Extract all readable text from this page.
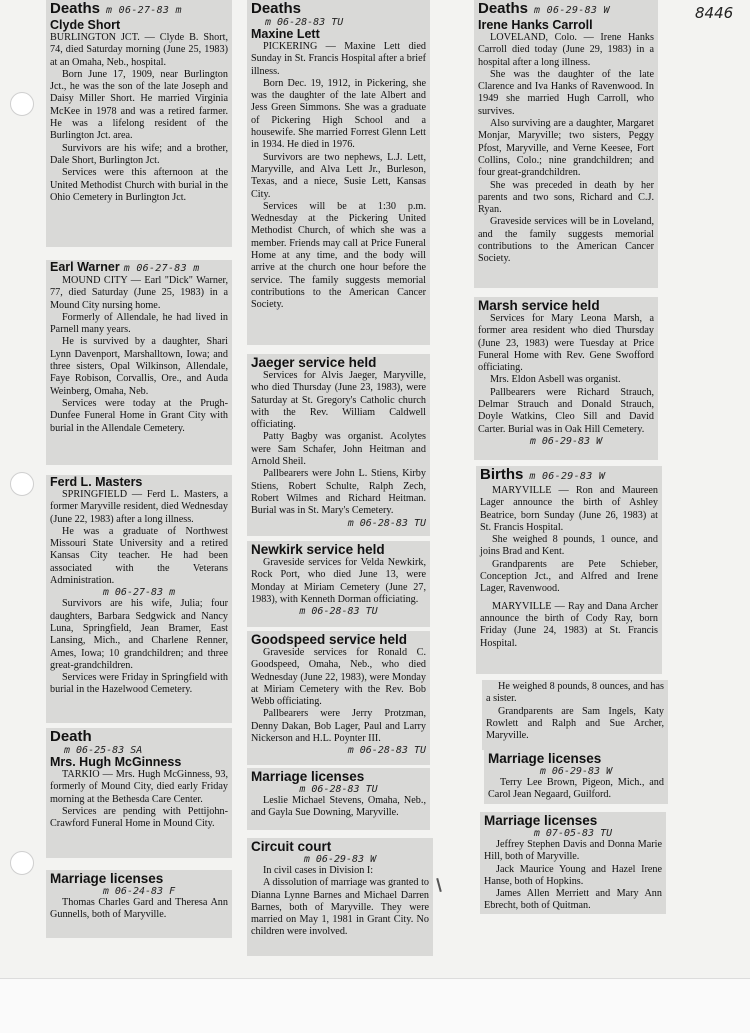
8446
Deaths m 06-27-83 m
Clyde Short

BURLINGTON JCT. — Clyde B. Short, 74, died Saturday morning (June 25, 1983) at an Omaha, Neb., hospital.

Born June 17, 1909, near Burlington Jct., he was the son of the late Joseph and Daisy Miller Short. He married Virginia McKee in 1978 and was a retired farmer. He was a lifelong resident of the Burlington Jct. area.

Survivors are his wife; and a brother, Dale Short, Burlington Jct.

Services were this afternoon at the United Methodist Church with burial in the Ohio Cemetery in Burlington Jct.

Earl Warner m 06-27-83 m

MOUND CITY — Earl "Dick" Warner, 77, died Saturday (June 25, 1983) in a Mound City nursing home.

Formerly of Allendale, he had lived in Parnell many years.

He is survived by a daughter, Shari Lynn Davenport, Marshalltown, Iowa; and three sisters, Opal Wilkinson, Allendale, Faye Robison, Corvallis, Ore., and Auda Weinberg, Omaha, Neb.

Services were today at the Prugh-Dunfee Funeral Home in Grant City with burial in the Allendale Cemetery.

Ferd L. Masters

SPRINGFIELD — Ferd L. Masters, a former Maryville resident, died Wednesday (June 22, 1983) after a long illness.

He was a graduate of Northwest Missouri State University and a retired Kansas City teacher. He had been associated with the Veterans Administration.

m 06-27-83 m

Survivors are his wife, Julia; four daughters, Barbara Sedgwick and Nancy Luna, Springfield, Jean Bramer, East Lansing, Mich., and Charlene Renner, Ames, Iowa; 10 grandchildren; and three great-grandchildren.

Services were Friday in Springfield with burial in the Hazelwood Cemetery.

Death
m 06-25-83 SA
Mrs. Hugh McGinness

TARKIO — Mrs. Hugh McGinness, 93, formerly of Mound City, died early Friday morning at the Bethesda Care Center.

Services are pending with Pettijohn-Crawford Funeral Home in Mound City.

Marriage licenses
m 06-24-83 F

Thomas Charles Gard and Theresa Ann Gunnells, both of Maryville.

Deaths
m 06-28-83 TU
Maxine Lett

PICKERING — Maxine Lett died Sunday in St. Francis Hospital after a brief illness.

Born Dec. 19, 1912, in Pickering, she was the daughter of the late Albert and Jess Green Simmons. She was a graduate of Pickering High School and a housewife. She married Forrest Glenn Lett in 1934. He died in 1976.

Survivors are two nephews, L.J. Lett, Maryville, and Alva Lett Jr., Burleson, Texas, and a niece, Susie Lett, Kansas City.

Services will be at 1:30 p.m. Wednesday at the Pickering United Methodist Church, of which she was a member. Friends may call at Price Funeral Home at any time, and the body will arrive at the church one hour before the service. The family suggests memorial contributions to the American Cancer Society.

Jaeger service held

Services for Alvis Jaeger, Maryville, who died Thursday (June 23, 1983), were Saturday at St. Gregory's Catholic church with the Rev. William Caldwell officiating.

Patty Bagby was organist. Acolytes were Sam Schafer, John Heitman and Arnold Sheil.

Pallbearers were John L. Stiens, Kirby Stiens, Robert Schulte, Ralph Zech, Robert Wilmes and Richard Heitman. Burial was in St. Mary's Cemetery.

m 06-28-83 TU
Newkirk service held

Graveside services for Velda Newkirk, Rock Port, who died June 13, were Monday at Miriam Cemetery (June 27, 1983), with Kenneth Dorman officiating.

m 06-28-83 TU
Goodspeed service held

Graveside services for Ronald C. Goodspeed, Omaha, Neb., who died Wednesday (June 22, 1983), were Monday at Miriam Cemetery with the Rev. Bob Webb officiating.

Pallbearers were Jerry Protzman, Denny Dakan, Bob Lager, Paul and Larry Nickerson and H.L. Poynter III.

m 06-28-83 TU
Marriage licenses
m 06-28-83 TU

Leslie Michael Stevens, Omaha, Neb., and Gayla Sue Downing, Maryville.

Circuit court
m 06-29-83 W

In civil cases in Division I:

A dissolution of marriage was granted to Dianna Lynne Barnes and Michael Darren Barnes, both of Maryville. They were married on May 1, 1981 in Grant City. No children were involved.

Deaths m 06-29-83 W
Irene Hanks Carroll

LOVELAND, Colo. — Irene Hanks Carroll died today (June 29, 1983) in a hospital after a long illness.

She was the daughter of the late Clarence and Iva Hanks of Ravenwood. In 1949 she married Hugh Carroll, who survives.

Also surviving are a daughter, Margaret Monjar, Maryville; two sisters, Peggy Pfost, Maryville, and Verne Keesee, Fort Collins, Colo.; nine grandchildren; and four great-grandchildren.

She was preceded in death by her parents and two sons, Richard and C.J. Ryan.

Graveside services will be in Loveland, and the family suggests memorial contributions to the American Cancer Society.

Marsh service held

Services for Mary Leona Marsh, a former area resident who died Thursday (June 23, 1983) were Tuesday at Price Funeral Home with Rev. Gene Swofford officiating.

Mrs. Eldon Asbell was organist.

Pallbearers were Richard Strauch, Delmar Strauch and Donald Strauch, Doyle Watkins, Cleo Sill and David Carter. Burial was in Oak Hill Cemetery.

m 06-29-83 W
Births m 06-29-83 W

MARYVILLE — Ron and Maureen Lager announce the birth of Ashley Beatrice, born Sunday (June 26, 1983) at St. Francis Hospital.

She weighed 8 pounds, 1 ounce, and joins Brad and Kent.

Grandparents are Pete Schieber, Conception Jct., and Alfred and Irene Lager, Ravenwood.

MARYVILLE — Ray and Dana Archer announce the birth of Cody Ray, born Friday (June 24, 1983) at St. Francis Hospital.

He weighed 8 pounds, 8 ounces, and has a sister.

Grandparents are Sam Ingels, Katy Rowlett and Ralph and Sue Archer, Maryville.

Marriage licenses
m 06-29-83 W

Terry Lee Brown, Pigeon, Mich., and Carol Jean Negaard, Guilford.

Marriage licenses
m 07-05-83 TU

Jeffrey Stephen Davis and Donna Marie Hill, both of Maryville.

Jack Maurice Young and Hazel Irene Hanse, both of Hopkins.

James Allen Merriett and Mary Ann Ebrecht, both of Quitman.
